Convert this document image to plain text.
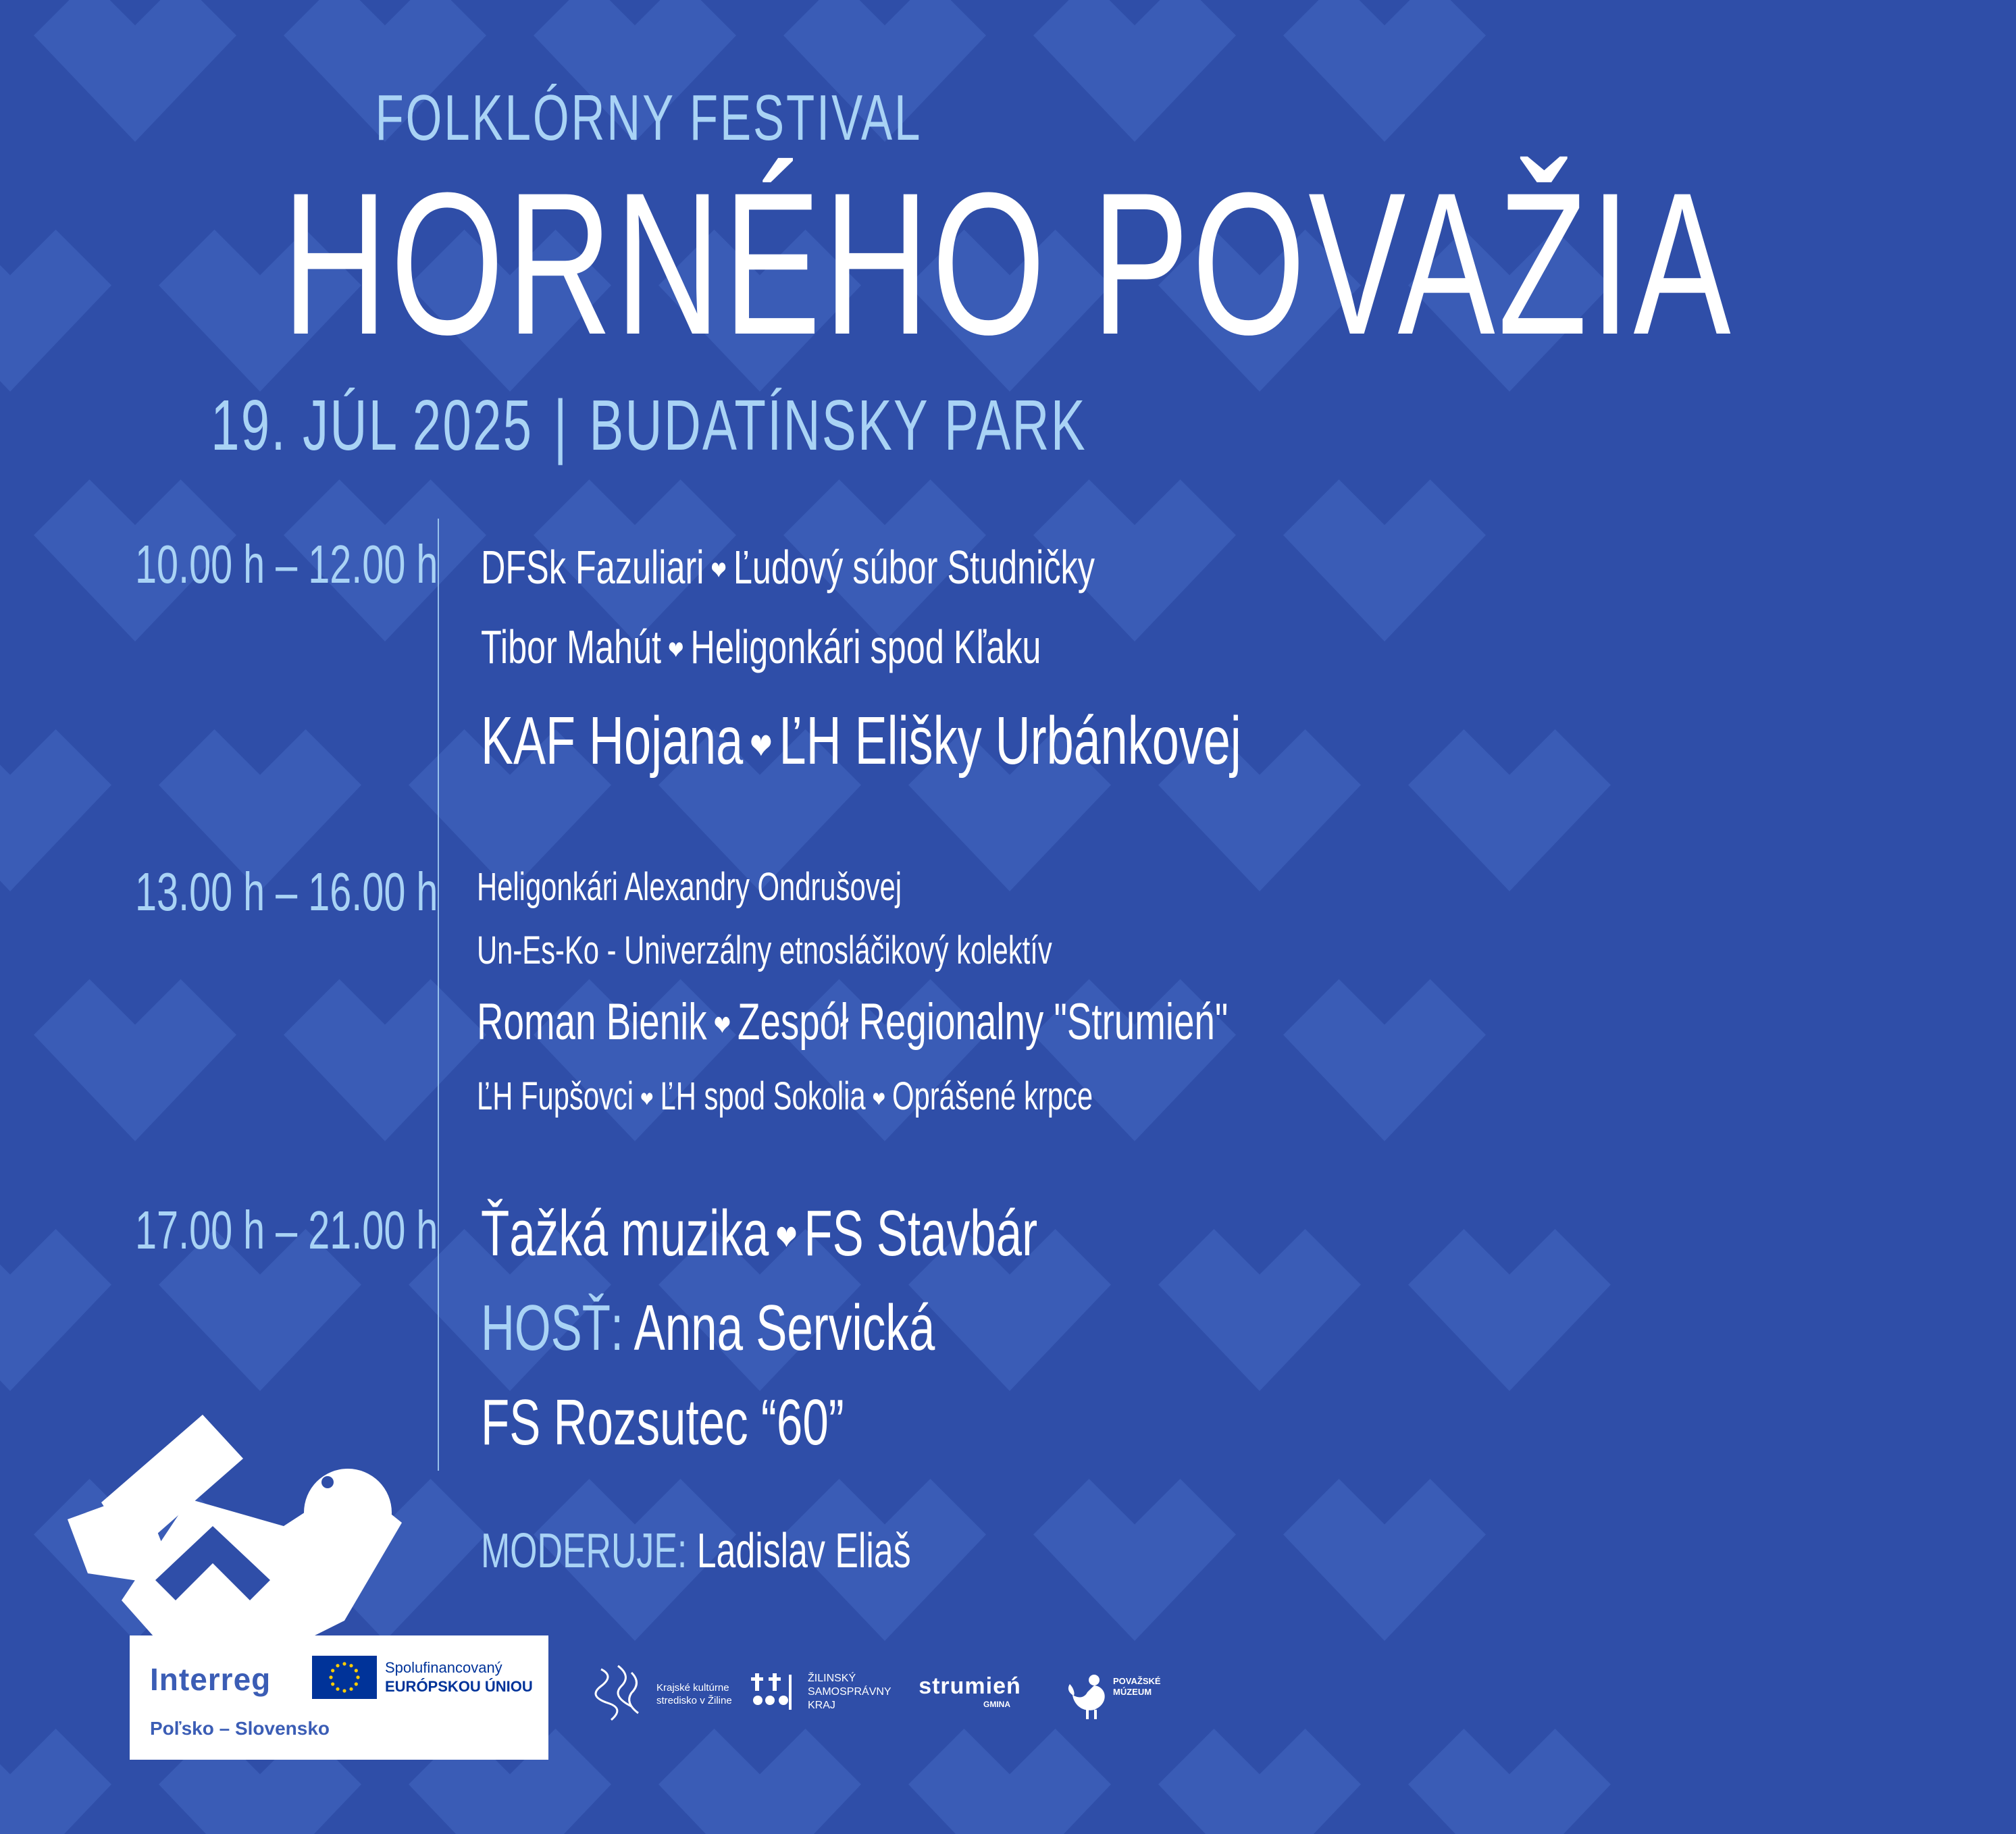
FOLKLÓRNY FESTIVAL
HORNÉHO POVAŽIA
19. JÚL 2025 | BUDATÍNSKY PARK
10.00 h – 12.00 h DFSk Fazuliari ❤ Ľudový súbor Studničky
Tibor Mahút ❤ Heligonkári spod Kľaku
KAF Hojana ❤ ĽH Elišky Urbánkovej
13.00 h – 16.00 h Heligonkári Alexandry Ondrušovej
Un-Es-Ko - Univerzálny etnosláčikový kolektív
Roman Bienik ❤ Zespół Regionalny "Strumień"
ĽH Fupšovci ❤ ĽH spod Sokolia ❤ Oprášené krpce
17.00 h – 21.00 h Ťažká muzika ❤ FS Stavbár
HOSŤ: Anna Servická
FS Rozsutec “60”
MODERUJE: Ladislav Eliaš
Interreg	Spolufinancovaný
EURÓPSKOU ÚNIOU
Poľsko – Slovensko
Krajské kultúrne
stredisko v Žiline
ŽILINSKÝ
SAMOSPRÁVNY
KRAJ
strumień
GMINA
POVAŽSKÉ
MÚZEUM
